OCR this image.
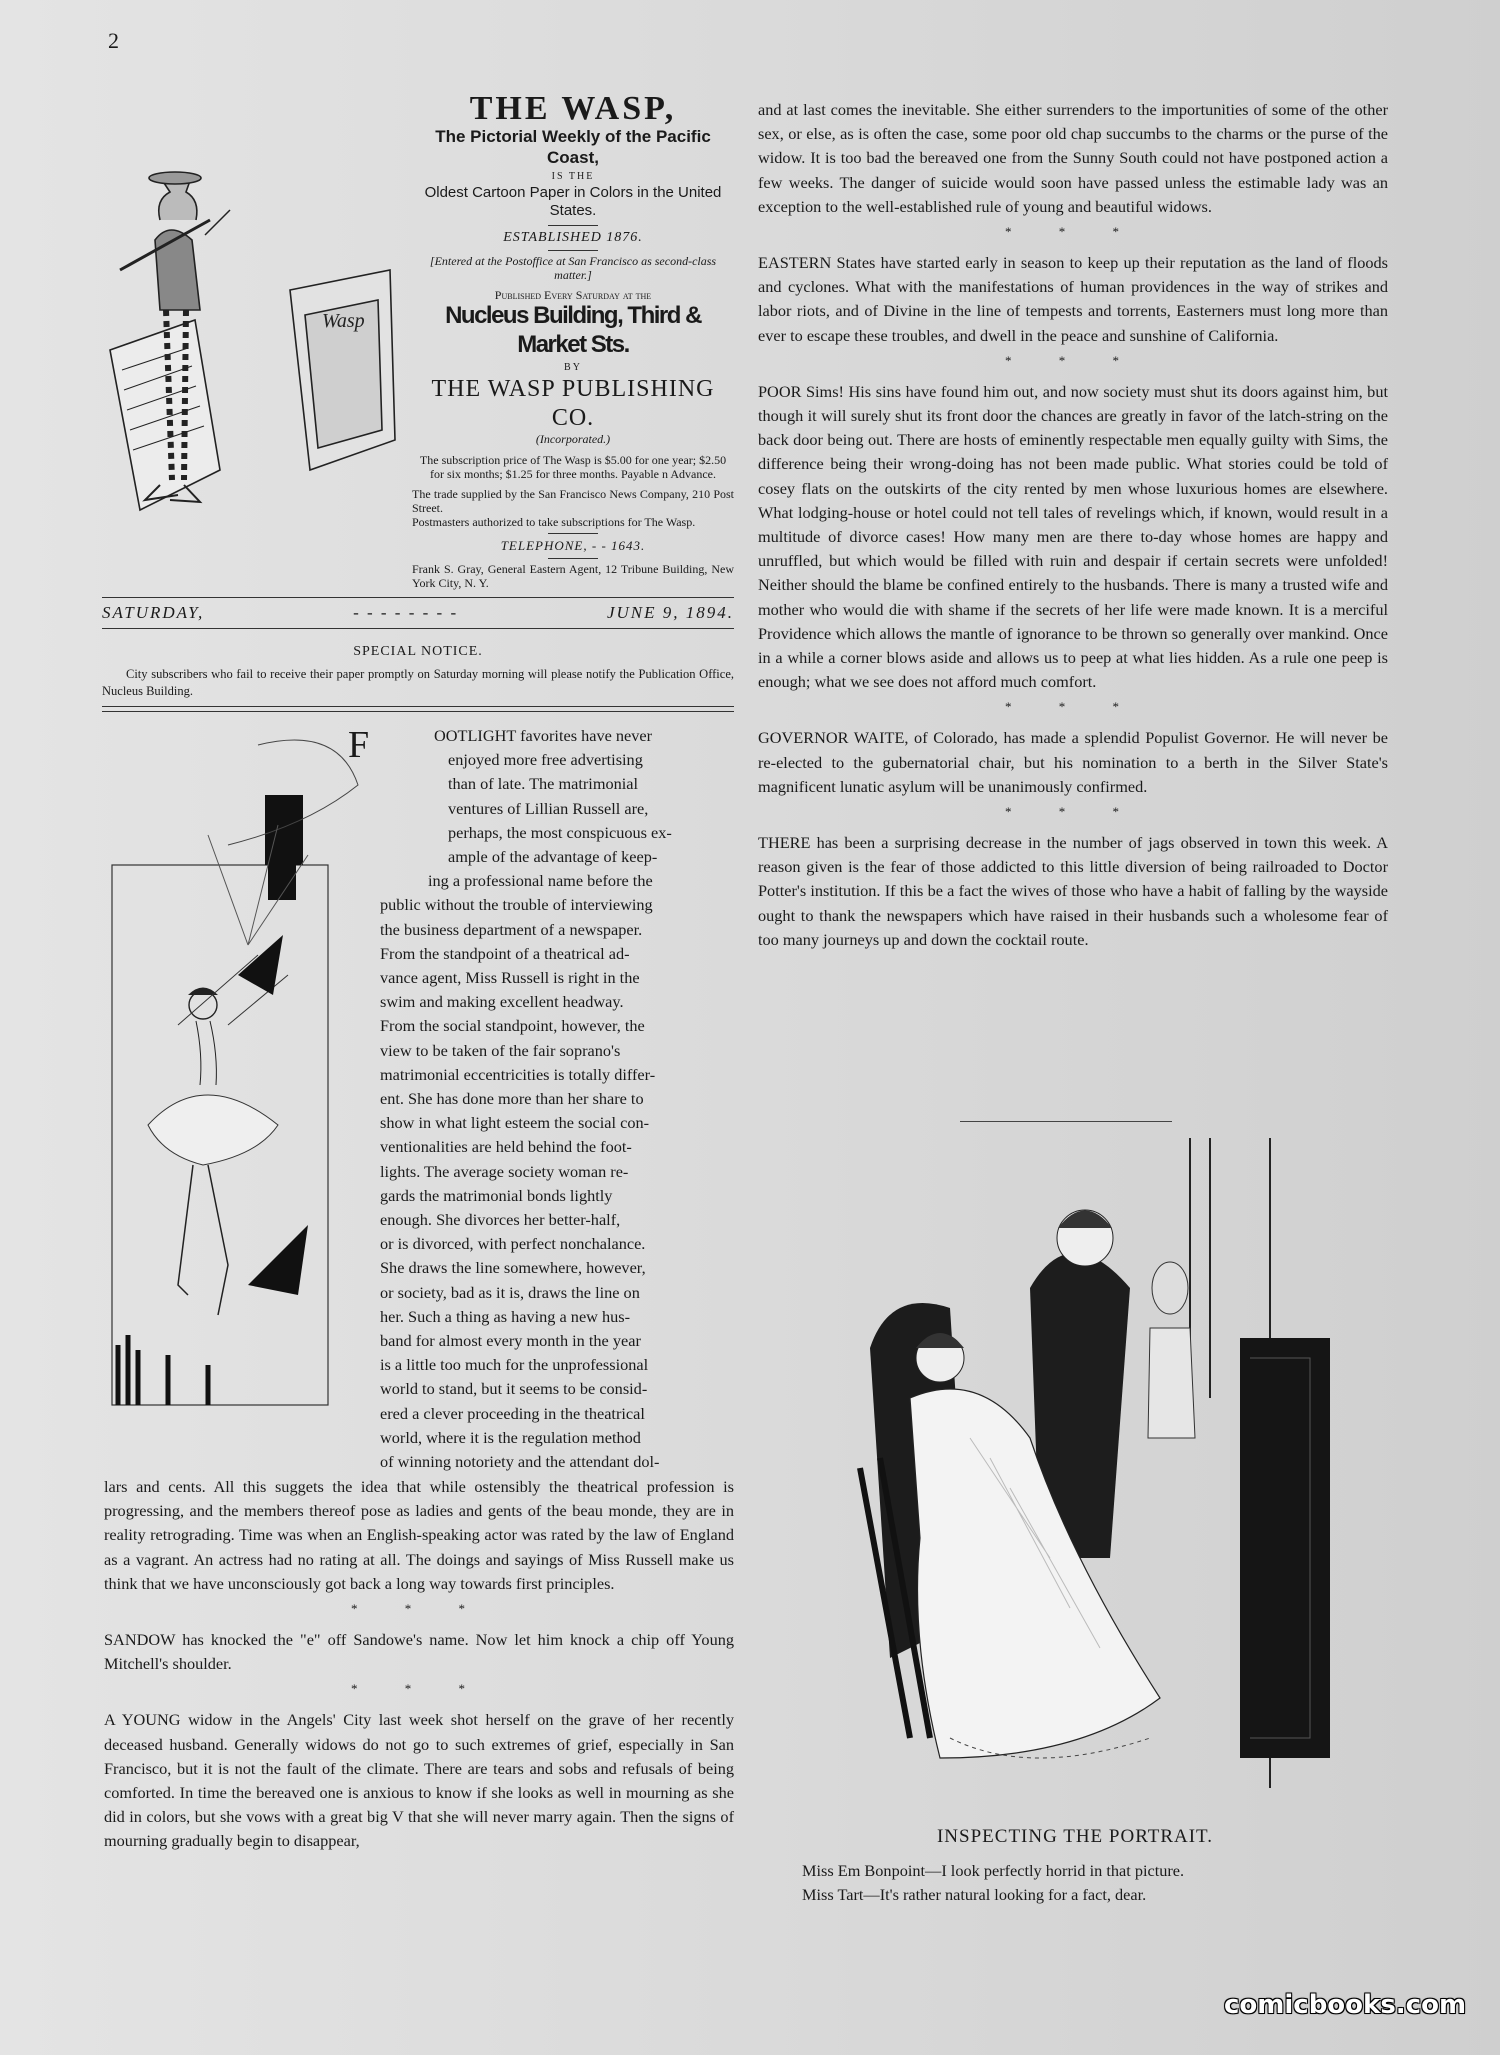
2
Wasp
THE WASP,
The Pictorial Weekly of the Pacific Coast,
IS THE
Oldest Cartoon Paper in Colors in the United States.
ESTABLISHED 1876.
[Entered at the Postoffice at San Francisco as second-class matter.]
Published Every Saturday at the
Nucleus Building, Third & Market Sts.
BY
THE WASP PUBLISHING CO.
(Incorporated.)
The subscription price of The Wasp is $5.00 for one year; $2.50 for six months; $1.25 for three months. Payable n Advance.
The trade supplied by the San Francisco News Company, 210 Post Street.
Postmasters authorized to take subscriptions for The Wasp.
TELEPHONE, - - 1643.
Frank S. Gray, General Eastern Agent, 12 Tribune Building, New York City, N. Y.
SATURDAY,	- - - - - - - -	JUNE 9, 1894.
SPECIAL NOTICE.
City subscribers who fail to receive their paper promptly on Saturday morning will please notify the Publication Office, Nucleus Building.
F	OOTLIGHT favorites have never
enjoyed more free advertising
than of late. The matrimonial
ventures of Lillian Russell are,
perhaps, the most conspicuous ex-
ample of the advantage of keep-
ing a professional name before the
public without the trouble of interviewing
the business department of a newspaper.
From the standpoint of a theatrical ad-
vance agent, Miss Russell is right in the
swim and making excellent headway.
From the social standpoint, however, the
view to be taken of the fair soprano's
matrimonial eccentricities is totally differ-
ent. She has done more than her share to
show in what light esteem the social con-
ventionalities are held behind the foot-
lights. The average society woman re-
gards the matrimonial bonds lightly
enough. She divorces her better-half,
or is divorced, with perfect nonchalance.
She draws the line somewhere, however,
or society, bad as it is, draws the line on
her. Such a thing as having a new hus-
band for almost every month in the year
is a little too much for the unprofessional
world to stand, but it seems to be consid-
ered a clever proceeding in the theatrical
world, where it is the regulation method
of winning notoriety and the attendant dol-

lars and cents. All this suggets the idea that while ostensibly the theatrical profession is progressing, and the members thereof pose as ladies and gents of the beau monde, they are in reality retrograding. Time was when an English-speaking actor was rated by the law of England as a vagrant. An actress had no rating at all. The doings and sayings of Miss Russell make us think that we have unconsciously got back a long way towards first principles.

* * *

SANDOW has knocked the "e" off Sandowe's name. Now let him knock a chip off Young Mitchell's shoulder.

* * *

A YOUNG widow in the Angels' City last week shot herself on the grave of her recently deceased husband. Generally widows do not go to such extremes of grief, especially in San Francisco, but it is not the fault of the climate. There are tears and sobs and refusals of being comforted. In time the bereaved one is anxious to know if she looks as well in mourning as she did in colors, but she vows with a great big V that she will never marry again. Then the signs of mourning gradually begin to disappear,

and at last comes the inevitable. She either surrenders to the importunities of some of the other sex, or else, as is often the case, some poor old chap succumbs to the charms or the purse of the widow. It is too bad the bereaved one from the Sunny South could not have postponed action a few weeks. The danger of suicide would soon have passed unless the estimable lady was an exception to the well-established rule of young and beautiful widows.

* * *

EASTERN States have started early in season to keep up their reputation as the land of floods and cyclones. What with the manifestations of human providences in the way of strikes and labor riots, and of Divine in the line of tempests and torrents, Easterners must long more than ever to escape these troubles, and dwell in the peace and sunshine of California.

* * *

POOR Sims! His sins have found him out, and now society must shut its doors against him, but though it will surely shut its front door the chances are greatly in favor of the latch-string on the back door being out. There are hosts of eminently respectable men equally guilty with Sims, the difference being their wrong-doing has not been made public. What stories could be told of cosey flats on the outskirts of the city rented by men whose luxurious homes are elsewhere. What lodging-house or hotel could not tell tales of revelings which, if known, would result in a multitude of divorce cases! How many men are there to-day whose homes are happy and unruffled, but which would be filled with ruin and despair if certain secrets were unfolded! Neither should the blame be confined entirely to the husbands. There is many a trusted wife and mother who would die with shame if the secrets of her life were made known. It is a merciful Providence which allows the mantle of ignorance to be thrown so generally over mankind. Once in a while a corner blows aside and allows us to peep at what lies hidden. As a rule one peep is enough; what we see does not afford much comfort.

* * *

GOVERNOR WAITE, of Colorado, has made a splendid Populist Governor. He will never be re-elected to the gubernatorial chair, but his nomination to a berth in the Silver State's magnificent lunatic asylum will be unanimously confirmed.

* * *

THERE has been a surprising decrease in the number of jags observed in town this week. A reason given is the fear of those addicted to this little diversion of being railroaded to Doctor Potter's institution. If this be a fact the wives of those who have a habit of falling by the wayside ought to thank the newspapers which have raised in their husbands such a wholesome fear of too many journeys up and down the cocktail route.

INSPECTING THE PORTRAIT.
Miss Em Bonpoint—I look perfectly horrid in that picture.
Miss Tart—It's rather natural looking for a fact, dear.
comicbooks.com
